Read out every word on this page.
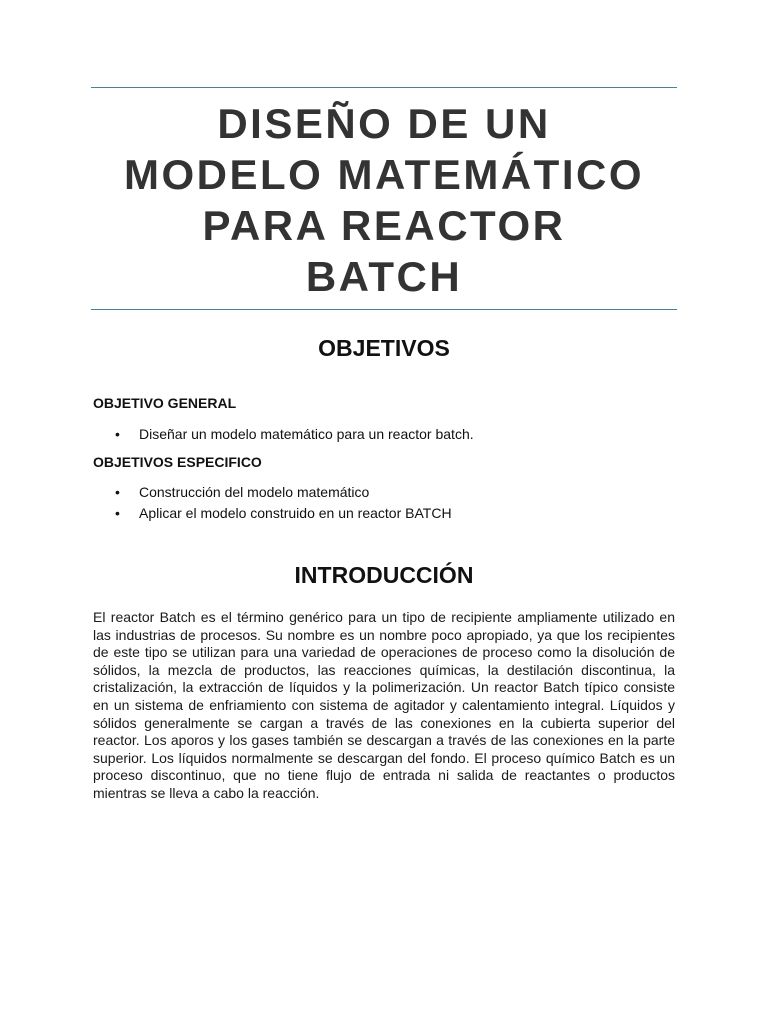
DISEÑO DE UN
MODELO MATEMÁTICO
PARA REACTOR
BATCH
OBJETIVOS
OBJETIVO GENERAL
• Diseñar un modelo matemático para un reactor batch.
OBJETIVOS ESPECIFICO
• Construcción del modelo matemático
• Aplicar el modelo construido en un reactor BATCH
INTRODUCCIÓN

El reactor Batch es el término genérico para un tipo de recipiente ampliamente utilizado en las industrias de procesos. Su nombre es un nombre poco apropiado, ya que los recipientes de este tipo se utilizan para una variedad de operaciones de proceso como la disolución de sólidos, la mezcla de productos, las reacciones químicas, la destilación discontinua, la cristalización, la extracción de líquidos y la polimerización. Un reactor Batch típico consiste en un sistema de enfriamiento con sistema de agitador y calentamiento integral. Líquidos y sólidos generalmente se cargan a través de las conexiones en la cubierta superior del reactor. Los aporos y los gases también se descargan a través de las conexiones en la parte superior. Los líquidos normalmente se descargan del fondo. El proceso químico Batch es un proceso discontinuo, que no tiene flujo de entrada ni salida de reactantes o productos mientras se lleva a cabo la reacción.
